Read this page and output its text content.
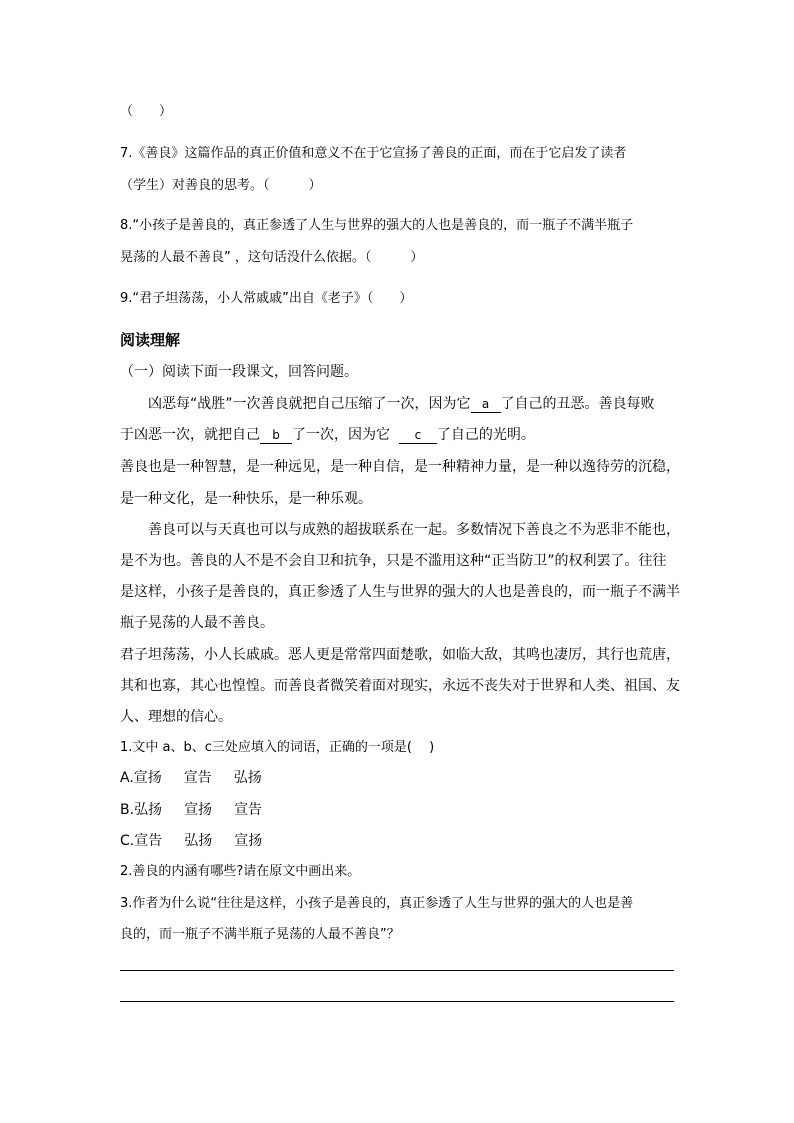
（　　）
7.《善良》这篇作品的真正价值和意义不在于它宣扬了善良的正面，而在于它启发了读者
（学生）对善良的思考。（　　　）
8.“小孩子是善良的，真正参透了人生与世界的强大的人也是善良的，而一瓶子不满半瓶子
晃荡的人最不善良” ，这句话没什么依据。（　　　）
9.“君子坦荡荡，小人常戚戚”出自《老子》（　　）
阅读理解
（一）阅读下面一段课文，回答问题。
凶恶每“战胜”一次善良就把自己压缩了一次，因为它 a 了自己的丑恶。善良每败
于凶恶一次，就把自己 b 了一次，因为它 c 了自己的光明。
善良也是一种智慧，是一种远见，是一种自信，是一种精神力量，是一种以逸待劳的沉稳，
是一种文化，是一种快乐，是一种乐观。
善良可以与天真也可以与成熟的超拔联系在一起。多数情况下善良之不为恶非不能也，
是不为也。善良的人不是不会自卫和抗争，只是不滥用这种“正当防卫”的权利罢了。往往
是这样，小孩子是善良的，真正参透了人生与世界的强大的人也是善良的，而一瓶子不满半
瓶子晃荡的人最不善良。
君子坦荡荡，小人长戚戚。恶人更是常常四面楚歌，如临大敌，其鸣也凄厉，其行也荒唐，
其和也寡，其心也惶惶。而善良者微笑着面对现实，永远不丧失对于世界和人类、祖国、友
人、理想的信心。
1.文中 a、b、c三处应填入的词语，正确的一项是(　 )
A.宣扬 宣告 弘扬
B.弘扬 宣扬 宣告
C.宣告 弘扬 宣扬
2.善良的内涵有哪些?请在原文中画出来。
3.作者为什么说“往往是这样，小孩子是善良的，真正参透了人生与世界的强大的人也是善
良的，而一瓶子不满半瓶子晃荡的人最不善良”？
